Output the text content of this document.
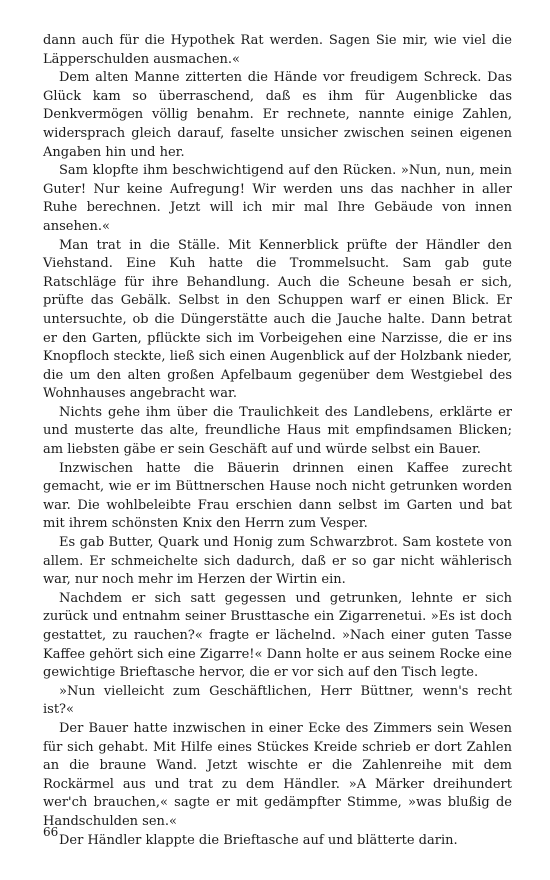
dann auch für die Hypothek Rat werden. Sagen Sie mir, wie viel die Läpperschulden ausmachen.«

Dem alten Manne zitterten die Hände vor freudigem Schreck. Das Glück kam so überraschend, daß es ihm für Augenblicke das Denkvermögen völlig benahm. Er rechnete, nannte einige Zahlen, widersprach gleich darauf, faselte unsicher zwischen seinen eigenen Angaben hin und her.

Sam klopfte ihm beschwichtigend auf den Rücken. »Nun, nun, mein Guter! Nur keine Aufregung! Wir werden uns das nachher in aller Ruhe berechnen. Jetzt will ich mir mal Ihre Gebäude von innen ansehen.«

Man trat in die Ställe. Mit Kennerblick prüfte der Händler den Viehstand. Eine Kuh hatte die Trommelsucht. Sam gab gute Ratschläge für ihre Behandlung. Auch die Scheune besah er sich, prüfte das Gebälk. Selbst in den Schuppen warf er einen Blick. Er untersuchte, ob die Düngerstätte auch die Jauche halte. Dann betrat er den Garten, pflückte sich im Vorbeigehen eine Narzisse, die er ins Knopfloch steckte, ließ sich einen Augenblick auf der Holzbank nieder, die um den alten großen Apfelbaum gegenüber dem Westgiebel des Wohnhauses angebracht war.

Nichts gehe ihm über die Traulichkeit des Landlebens, erklärte er und musterte das alte, freundliche Haus mit empfindsamen Blicken; am liebsten gäbe er sein Geschäft auf und würde selbst ein Bauer.

Inzwischen hatte die Bäuerin drinnen einen Kaffee zurecht gemacht, wie er im Büttnerschen Hause noch nicht getrunken worden war. Die wohlbeleibte Frau erschien dann selbst im Garten und bat mit ihrem schönsten Knix den Herrn zum Vesper.

Es gab Butter, Quark und Honig zum Schwarzbrot. Sam kostete von allem. Er schmeichelte sich dadurch, daß er so gar nicht wählerisch war, nur noch mehr im Herzen der Wirtin ein.

Nachdem er sich satt gegessen und getrunken, lehnte er sich zurück und entnahm seiner Brusttasche ein Zigarrenetui. »Es ist doch gestattet, zu rauchen?« fragte er lächelnd. »Nach einer guten Tasse Kaffee gehört sich eine Zigarre!« Dann holte er aus seinem Rocke eine gewichtige Brieftasche hervor, die er vor sich auf den Tisch legte.

»Nun vielleicht zum Geschäftlichen, Herr Büttner, wenn's recht ist?«

Der Bauer hatte inzwischen in einer Ecke des Zimmers sein Wesen für sich gehabt. Mit Hilfe eines Stückes Kreide schrieb er dort Zahlen an die braune Wand. Jetzt wischte er die Zahlenreihe mit dem Rockärmel aus und trat zu dem Händler. »A Märker dreihundert wer'ch brauchen,« sagte er mit gedämpfter Stimme, »was blußig de Handschulden sen.«

Der Händler klappte die Brieftasche auf und blätterte darin.

66
